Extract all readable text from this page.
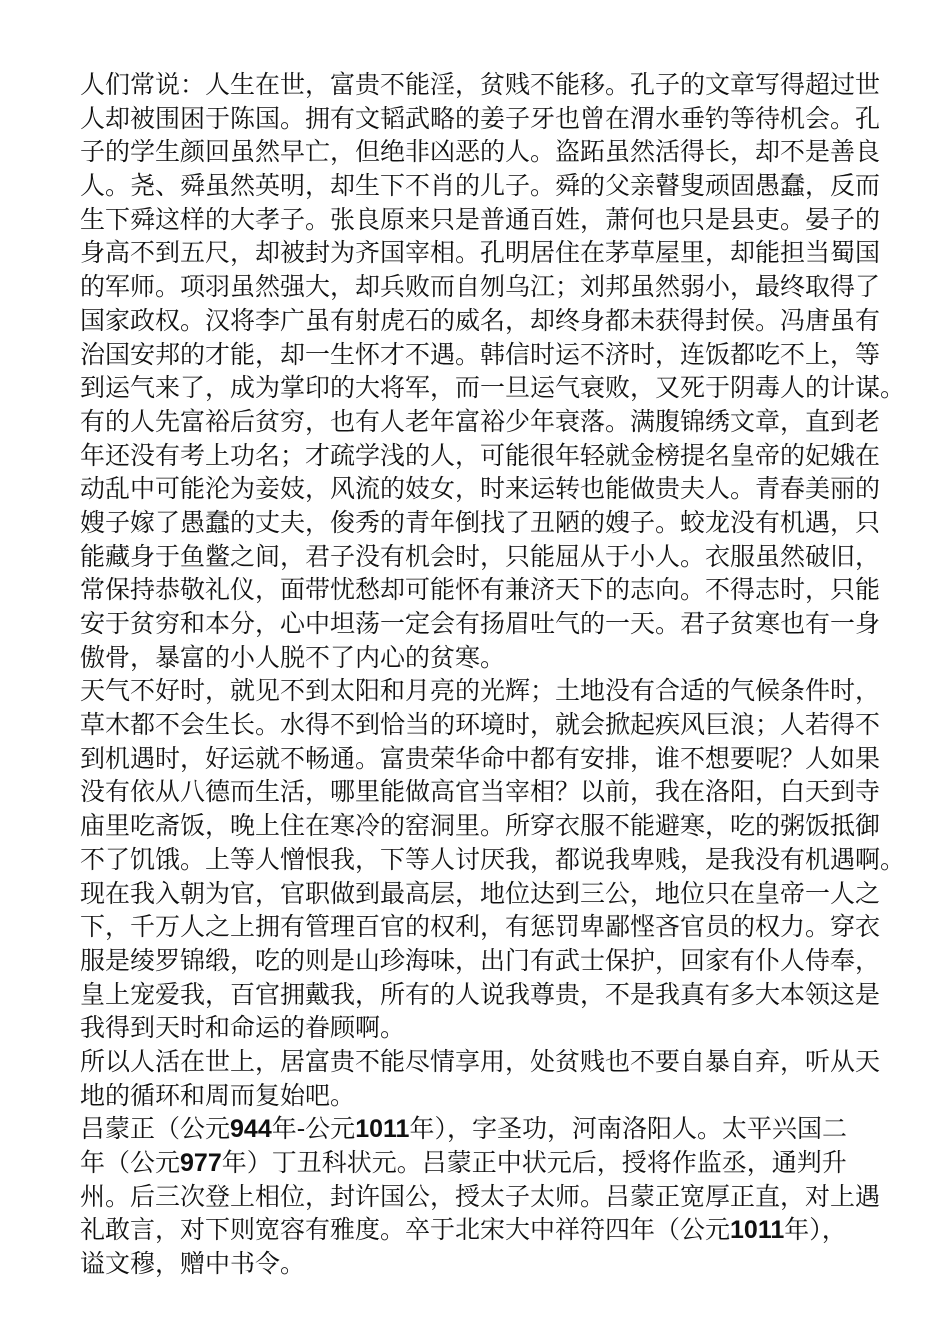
人们常说：人生在世，富贵不能淫，贫贱不能移。孔子的文章写得超过世
人却被围困于陈国。拥有文韬武略的姜子牙也曾在渭水垂钓等待机会。孔
子的学生颜回虽然早亡，但绝非凶恶的人。盗跖虽然活得长，却不是善良
人。尧、舜虽然英明，却生下不肖的儿子。舜的父亲瞽叟顽固愚蠢，反而
生下舜这样的大孝子。张良原来只是普通百姓，萧何也只是县吏。晏子的
身高不到五尺，却被封为齐国宰相。孔明居住在茅草屋里，却能担当蜀国
的军师。项羽虽然强大，却兵败而自刎乌江；刘邦虽然弱小，最终取得了
国家政权。汉将李广虽有射虎石的威名，却终身都未获得封侯。冯唐虽有
治国安邦的才能，却一生怀才不遇。韩信时运不济时，连饭都吃不上，等
到运气来了，成为掌印的大将军，而一旦运气衰败，又死于阴毒人的计谋。
有的人先富裕后贫穷，也有人老年富裕少年衰落。满腹锦绣文章，直到老
年还没有考上功名；才疏学浅的人，可能很年轻就金榜提名皇帝的妃娥在
动乱中可能沦为妾妓，风流的妓女，时来运转也能做贵夫人。青春美丽的
嫂子嫁了愚蠢的丈夫，俊秀的青年倒找了丑陋的嫂子。蛟龙没有机遇，只
能藏身于鱼鳖之间，君子没有机会时，只能屈从于小人。衣服虽然破旧，
常保持恭敬礼仪，面带忧愁却可能怀有兼济天下的志向。不得志时，只能
安于贫穷和本分，心中坦荡一定会有扬眉吐气的一天。君子贫寒也有一身
傲骨，暴富的小人脱不了内心的贫寒。
天气不好时，就见不到太阳和月亮的光辉；土地没有合适的气候条件时，
草木都不会生长。水得不到恰当的环境时，就会掀起疾风巨浪；人若得不
到机遇时，好运就不畅通。富贵荣华命中都有安排，谁不想要呢？人如果
没有依从八德而生活，哪里能做高官当宰相？以前，我在洛阳，白天到寺
庙里吃斋饭，晚上住在寒冷的窑洞里。所穿衣服不能避寒，吃的粥饭抵御
不了饥饿。上等人憎恨我，下等人讨厌我，都说我卑贱，是我没有机遇啊。
现在我入朝为官，官职做到最高层，地位达到三公，地位只在皇帝一人之
下，千万人之上拥有管理百官的权利，有惩罚卑鄙悭吝官员的权力。穿衣
服是绫罗锦缎，吃的则是山珍海味，出门有武士保护，回家有仆人侍奉，
皇上宠爱我，百官拥戴我，所有的人说我尊贵，不是我真有多大本领这是
我得到天时和命运的眷顾啊。
所以人活在世上，居富贵不能尽情享用，处贫贱也不要自暴自弃，听从天
地的循环和周而复始吧。
吕蒙正（公元944年-公元1011年），字圣功，河南洛阳人。太平兴国二
年（公元977年）丁丑科状元。吕蒙正中状元后，授将作监丞，通判升
州。后三次登上相位，封许国公，授太子太师。吕蒙正宽厚正直，对上遇
礼敢言，对下则宽容有雅度。卒于北宋大中祥符四年（公元1011年），
谥文穆，赠中书令。
